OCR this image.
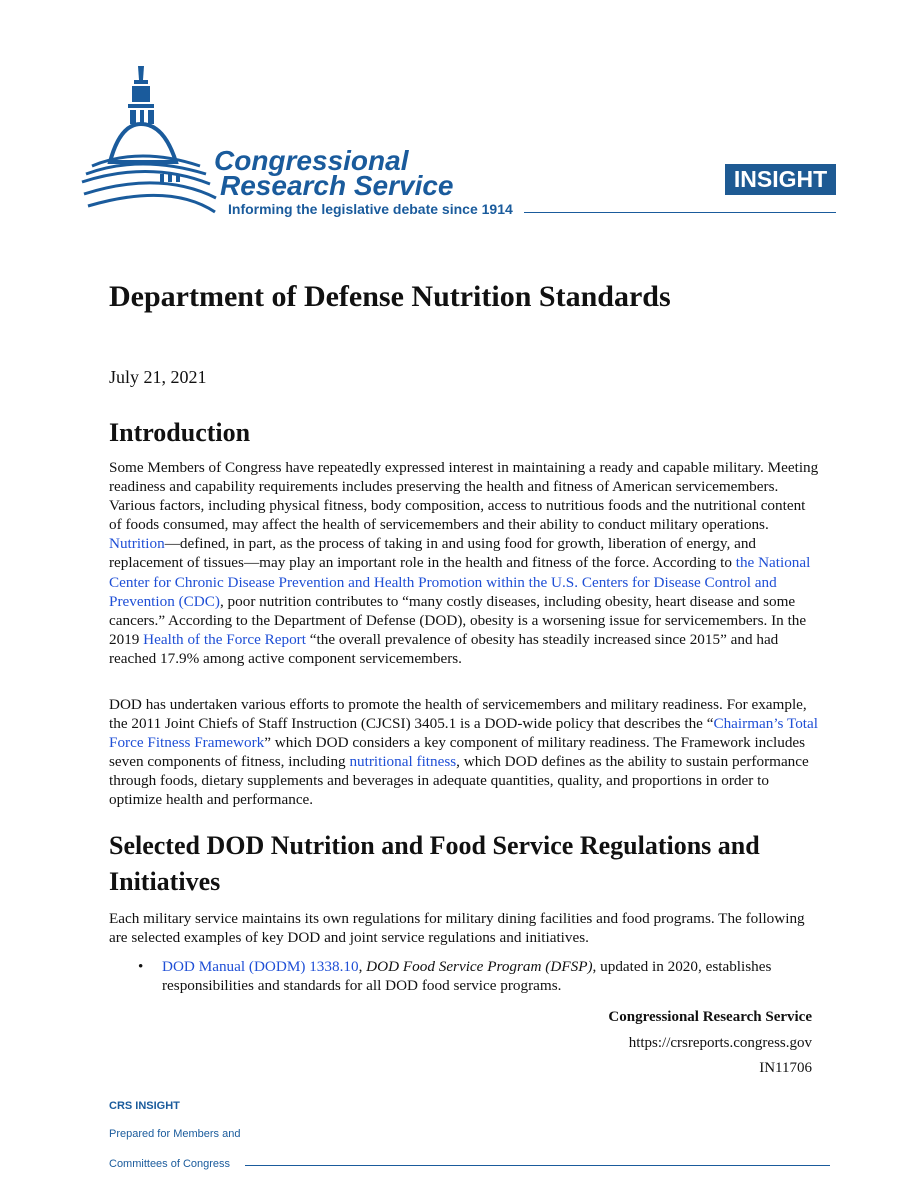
Congressional
Research Service
Informing the legislative debate since 1914
INSIGHT
Department of Defense Nutrition Standards
July 21, 2021
Introduction

Some Members of Congress have repeatedly expressed interest in maintaining a ready and capable military. Meeting readiness and capability requirements includes preserving the health and fitness of American servicemembers. Various factors, including physical fitness, body composition, access to nutritious foods and the nutritional content of foods consumed, may affect the health of servicemembers and their ability to conduct military operations. Nutrition—defined, in part, as the process of taking in and using food for growth, liberation of energy, and replacement of tissues—may play an important role in the health and fitness of the force. According to the National Center for Chronic Disease Prevention and Health Promotion within the U.S. Centers for Disease Control and Prevention (CDC), poor nutrition contributes to “many costly diseases, including obesity, heart disease and some cancers.” According to the Department of Defense (DOD), obesity is a worsening issue for servicemembers. In the 2019 Health of the Force Report “the overall prevalence of obesity has steadily increased since 2015” and had reached 17.9% among active component servicemembers.

DOD has undertaken various efforts to promote the health of servicemembers and military readiness. For example, the 2011 Joint Chiefs of Staff Instruction (CJCSI) 3405.1 is a DOD-wide policy that describes the “Chairman’s Total Force Fitness Framework” which DOD considers a key component of military readiness. The Framework includes seven components of fitness, including nutritional fitness, which DOD defines as the ability to sustain performance through foods, dietary supplements and beverages in adequate quantities, quality, and proportions in order to optimize health and performance.

Selected DOD Nutrition and Food Service Regulations and Initiatives

Each military service maintains its own regulations for military dining facilities and food programs. The following are selected examples of key DOD and joint service regulations and initiatives.

• DOD Manual (DODM) 1338.10, DOD Food Service Program (DFSP), updated in 2020, establishes responsibilities and standards for all DOD food service programs.
Congressional Research Service
https://crsreports.congress.gov
IN11706
CRS INSIGHT
Prepared for Members and
Committees of Congress
